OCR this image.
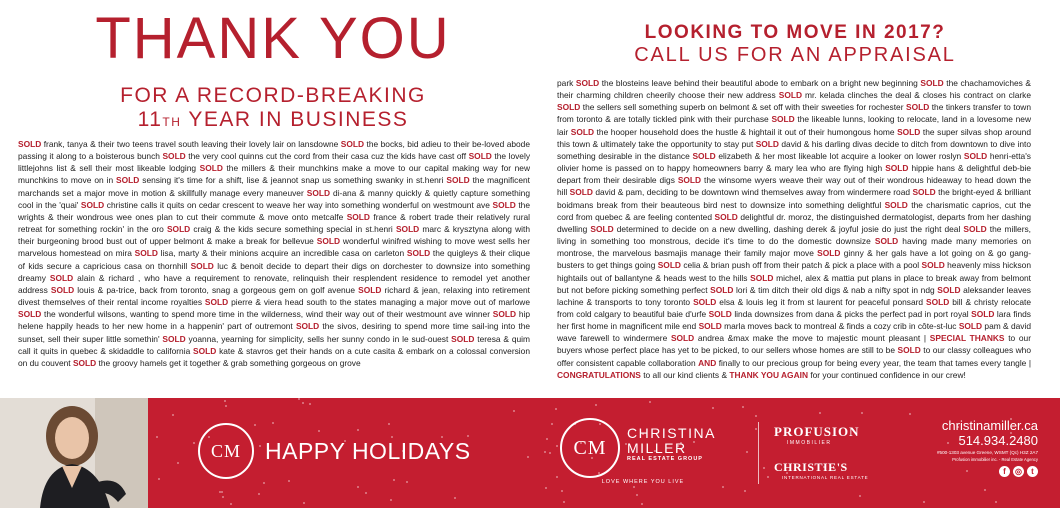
THANK YOU
FOR A RECORD-BREAKING
11TH YEAR IN BUSINESS
LOOKING TO MOVE IN 2017?
CALL US FOR AN APPRAISAL
SOLD frank, tanya & their two teens travel south leaving their lovely lair on lansdowne SOLD the bocks, bid adieu to their be-loved abode passing it along to a boisterous bunch SOLD the very cool quinns cut the cord from their casa cuz the kids have cast off SOLD the lovely littlejohns list & sell their most likeable lodging SOLD the millers & their munchkins make a move to our capital making way for new munchkins to move on in SOLD sensing it's time for a shift, lise & jeannot snap us something swanky in st.henri SOLD the magnificent marchands set a major move in motion & skillfully manage every maneuver SOLD di-ana & manny quickly & quietly capture something cool in the 'quai' SOLD christine calls it quits on cedar crescent to weave her way into something wonderful on westmount ave SOLD the wrights & their wondrous wee ones plan to cut their commute & move onto metcalfe SOLD france & robert trade their relatively rural retreat for something rockin' in the oro SOLD craig & the kids secure something special in st.henri SOLD marc & krysztyna along with their burgeoning brood bust out of upper belmont & make a break for bellevue SOLD wonderful winifred wishing to move west sells her marvelous homestead on mira SOLD lisa, marty & their minions acquire an incredible casa on carleton SOLD the quigleys & their clique of kids secure a capricious casa on thornhill SOLD luc & benoit decide to depart their digs on dorchester to downsize into something dreamy SOLD alain & richard , who have a requirement to renovate, relinquish their resplendent residence to remodel yet another address SOLD louis & pa-trice, back from toronto, snag a gorgeous gem on golf avenue SOLD richard & jean, relaxing into retirement divest themselves of their rental income royalties SOLD pierre & viera head south to the states managing a major move out of marlowe SOLD the wonderful wilsons, wanting to spend more time in the wilderness, wind their way out of their westmount ave winner SOLD hip helene happily heads to her new home in a happenin' part of outremont SOLD the sivos, desiring to spend more time sail-ing into the sunset, sell their super little somethin' SOLD yoanna, yearning for simplicity, sells her sunny condo in le sud-ouest SOLD teresa & quim call it quits in quebec & skidaddle to california SOLD kate & stavros get their hands on a cute casita & embark on a colossal conversion on du couvent SOLD the groovy hamels get it together & grab something gorgeous on grove
park SOLD the blosteins leave behind their beautiful abode to embark on a bright new beginning SOLD the chachamoviches & their charming children cheerily choose their new address SOLD mr. kelada clinches the deal & closes his contract on clarke SOLD the sellers sell something superb on belmont & set off with their sweeties for rochester SOLD the tinkers transfer to town from toronto & are totally tickled pink with their purchase SOLD the likeable lunns, looking to relocate, land in a lovesome new lair SOLD the hooper household does the hustle & hightail it out of their humongous home SOLD the super silvas shop around this town & ultimately take the opportunity to stay put SOLD david & his darling divas decide to ditch from downtown to dive into something desirable in the distance SOLD elizabeth & her most likeable lot acquire a looker on lower roslyn SOLD henri-etta's olivier home is passed on to happy homeowners barry & mary lea who are flying high SOLD hippie hans & delightful deb-bie depart from their desirable digs SOLD the winsome wyers weave their way out of their wondrous hideaway to head down the hill SOLD david & pam, deciding to be downtown wind themselves away from windermere road SOLD the bright-eyed & brilliant boidmans break from their beauteous bird nest to downsize into something delightful SOLD the charismatic caprios, cut the cord from quebec & are feeling contented SOLD delightful dr. moroz, the distinguished dermatologist, departs from her dashing dwelling SOLD determined to decide on a new dwelling, dashing derek & joyful josie do just the right deal SOLD the millers, living in something too monstrous, decide it's time to do the domestic downsize SOLD having made many memories on montrose, the marvelous basmajis manage their family major move SOLD ginny & her gals have a lot going on & go gang-busters to get things going SOLD celia & brian push off from their patch & pick a place with a pool SOLD heavenly miss hickson hightails out of ballantyne & heads west to the hills SOLD michel, alex & mattia put plans in place to break away from belmont but not before picking something perfect SOLD lori & tim ditch their old digs & nab a nifty spot in ndg SOLD aleksander leaves lachine & transports to tony toronto SOLD elsa & louis leg it from st laurent for peaceful ponsard SOLD bill & christy relocate from cold calgary to beautiful baie d'urfe SOLD linda downsizes from dana & picks the perfect pad in port royal SOLD lara finds her first home in magnificent mile end SOLD marla moves back to montreal & finds a cozy crib in côte-st-luc SOLD pam & david wave farewell to windermere SOLD andrea &max make the move to majestic mount pleasant | SPECIAL THANKS to our buyers whose perfect place has yet to be picked, to our sellers whose homes are still to be SOLD to our classy colleagues who offer consistent capable collaboration AND finally to our precious group for being every year, the team that tames every tangle | CONGRATULATIONS to all our kind clients & THANK YOU AGAIN for your continued confidence in our crew!
CM	HAPPY HOLIDAYS	CM
CHRISTINA
MILLER
REAL ESTATE GROUP
LOVE WHERE YOU LIVE
PROFUSION
IMMOBILIER
CHRISTIE'S
INTERNATIONAL REAL ESTATE
christinamiller.ca
514.934.2480
#500-1303 avenue Greene, WSMT (Qc) H3Z 2A7
Profusion immobilier inc. - Real Estate Agency
f	◎	t
